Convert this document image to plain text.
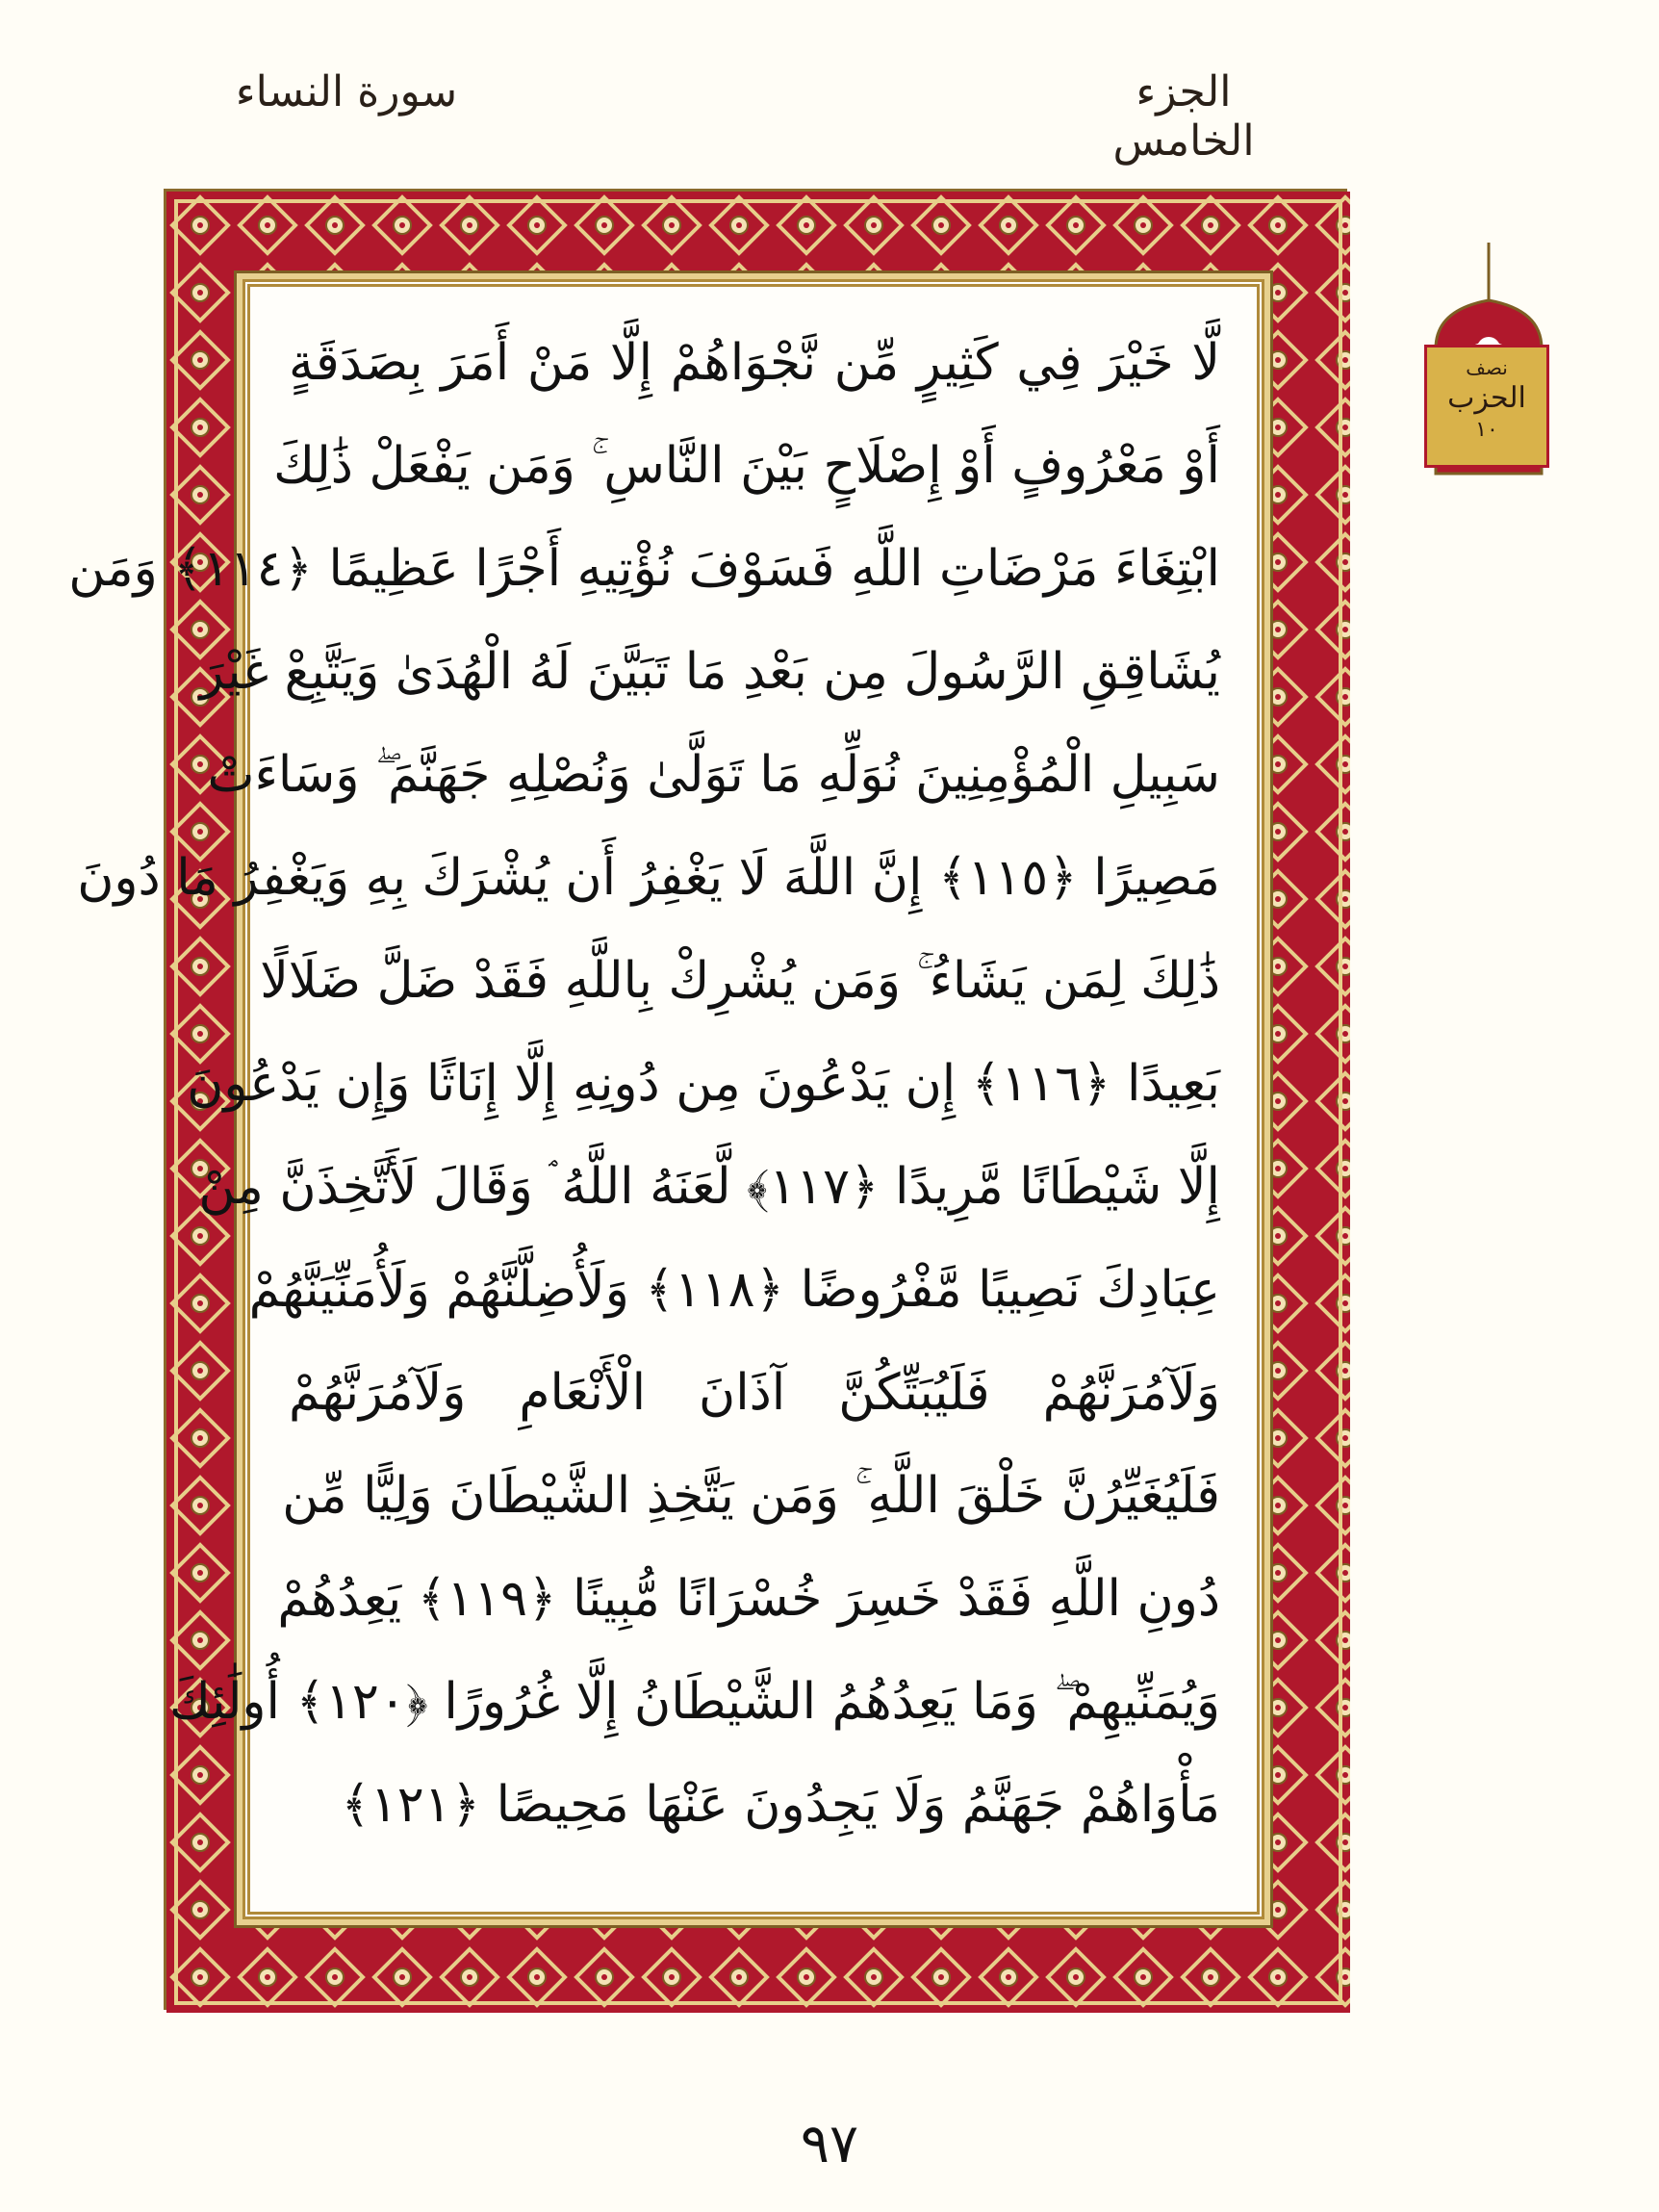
الجزء الخامس
سورة النساء
نصف
الحزب
١٠
لَّا خَيْرَ فِي كَثِيرٍ مِّن نَّجْوَاهُمْ إِلَّا مَنْ أَمَرَ بِصَدَقَةٍ
أَوْ مَعْرُوفٍ أَوْ إِصْلَاحٍ بَيْنَ النَّاسِ ۚ وَمَن يَفْعَلْ ذَٰلِكَ
ابْتِغَاءَ مَرْضَاتِ اللَّهِ فَسَوْفَ نُؤْتِيهِ أَجْرًا عَظِيمًا ﴿١١٤﴾ وَمَن
يُشَاقِقِ الرَّسُولَ مِن بَعْدِ مَا تَبَيَّنَ لَهُ الْهُدَىٰ وَيَتَّبِعْ غَيْرَ
سَبِيلِ الْمُؤْمِنِينَ نُوَلِّهِ مَا تَوَلَّىٰ وَنُصْلِهِ جَهَنَّمَ ۖ وَسَاءَتْ
مَصِيرًا ﴿١١٥﴾ إِنَّ اللَّهَ لَا يَغْفِرُ أَن يُشْرَكَ بِهِ وَيَغْفِرُ مَا دُونَ
ذَٰلِكَ لِمَن يَشَاءُ ۚ وَمَن يُشْرِكْ بِاللَّهِ فَقَدْ ضَلَّ ضَلَالًا
بَعِيدًا ﴿١١٦﴾ إِن يَدْعُونَ مِن دُونِهِ إِلَّا إِنَاثًا وَإِن يَدْعُونَ
إِلَّا شَيْطَانًا مَّرِيدًا ﴿١١٧﴾ لَّعَنَهُ اللَّهُ ۘ وَقَالَ لَأَتَّخِذَنَّ مِنْ
عِبَادِكَ نَصِيبًا مَّفْرُوضًا ﴿١١٨﴾ وَلَأُضِلَّنَّهُمْ وَلَأُمَنِّيَنَّهُمْ
وَلَآمُرَنَّهُمْ فَلَيُبَتِّكُنَّ آذَانَ الْأَنْعَامِ وَلَآمُرَنَّهُمْ
فَلَيُغَيِّرُنَّ خَلْقَ اللَّهِ ۚ وَمَن يَتَّخِذِ الشَّيْطَانَ وَلِيًّا مِّن
دُونِ اللَّهِ فَقَدْ خَسِرَ خُسْرَانًا مُّبِينًا ﴿١١٩﴾ يَعِدُهُمْ
وَيُمَنِّيهِمْ ۖ وَمَا يَعِدُهُمُ الشَّيْطَانُ إِلَّا غُرُورًا ﴿١٢٠﴾ أُولَٰئِكَ
مَأْوَاهُمْ جَهَنَّمُ وَلَا يَجِدُونَ عَنْهَا مَحِيصًا ﴿١٢١﴾
٩٧
